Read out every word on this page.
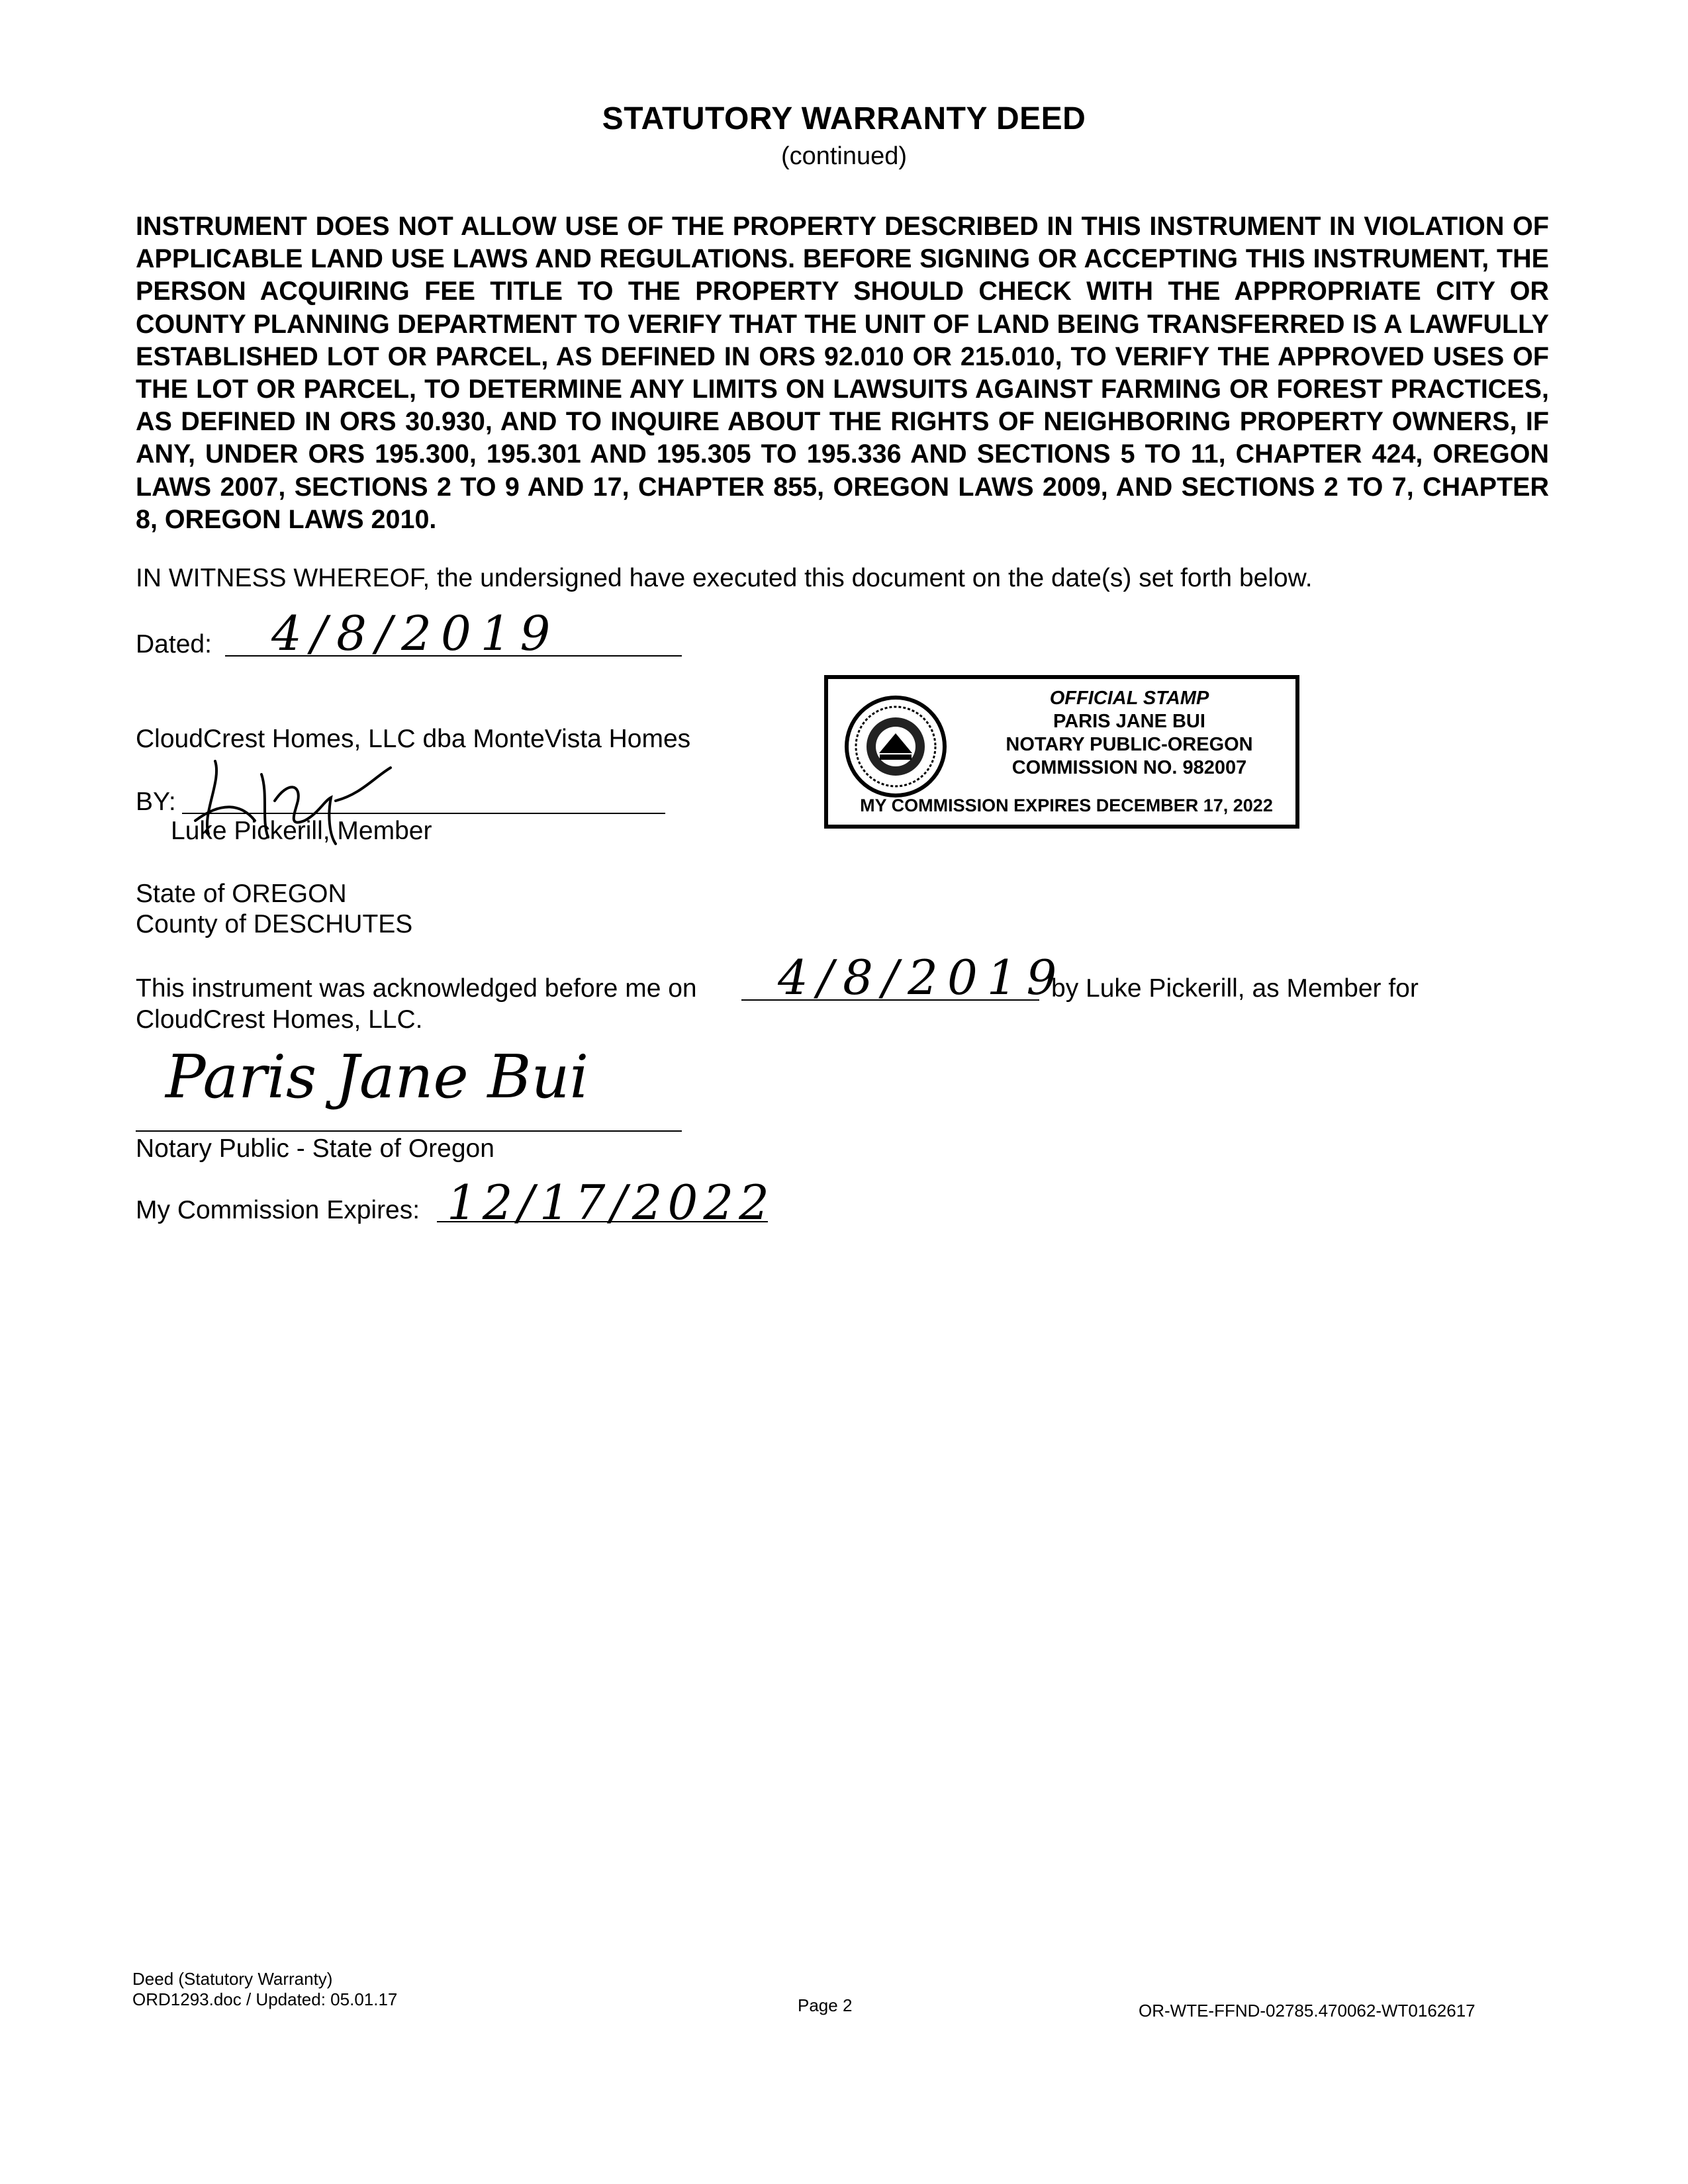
STATUTORY WARRANTY DEED
(continued)
INSTRUMENT DOES NOT ALLOW USE OF THE PROPERTY DESCRIBED IN THIS INSTRUMENT IN VIOLATION OF APPLICABLE LAND USE LAWS AND REGULATIONS. BEFORE SIGNING OR ACCEPTING THIS INSTRUMENT, THE PERSON ACQUIRING FEE TITLE TO THE PROPERTY SHOULD CHECK WITH THE APPROPRIATE CITY OR COUNTY PLANNING DEPARTMENT TO VERIFY THAT THE UNIT OF LAND BEING TRANSFERRED IS A LAWFULLY ESTABLISHED LOT OR PARCEL, AS DEFINED IN ORS 92.010 OR 215.010, TO VERIFY THE APPROVED USES OF THE LOT OR PARCEL, TO DETERMINE ANY LIMITS ON LAWSUITS AGAINST FARMING OR FOREST PRACTICES, AS DEFINED IN ORS 30.930, AND TO INQUIRE ABOUT THE RIGHTS OF NEIGHBORING PROPERTY OWNERS, IF ANY, UNDER ORS 195.300, 195.301 AND 195.305 TO 195.336 AND SECTIONS 5 TO 11, CHAPTER 424, OREGON LAWS 2007, SECTIONS 2 TO 9 AND 17, CHAPTER 855, OREGON LAWS 2009, AND SECTIONS 2 TO 7, CHAPTER 8, OREGON LAWS 2010.
IN WITNESS WHEREOF, the undersigned have executed this document on the date(s) set forth below.
Dated: 4/8/2019
CloudCrest Homes, LLC dba MonteVista Homes
BY:
Luke Pickerill, Member
OFFICIAL STAMP
PARIS JANE BUI
NOTARY PUBLIC-OREGON
COMMISSION NO. 982007
MY COMMISSION EXPIRES DECEMBER 17, 2022
State of OREGON
County of DESCHUTES
This instrument was acknowledged before me on 4/8/2019
by Luke Pickerill, as Member for
CloudCrest Homes, LLC.
Paris Jane Bui
Notary Public - State of Oregon
My Commission Expires: 12/17/2022
Deed (Statutory Warranty)
ORD1293.doc / Updated: 05.01.17	Page 2	OR-WTE-FFND-02785.470062-WT0162617
